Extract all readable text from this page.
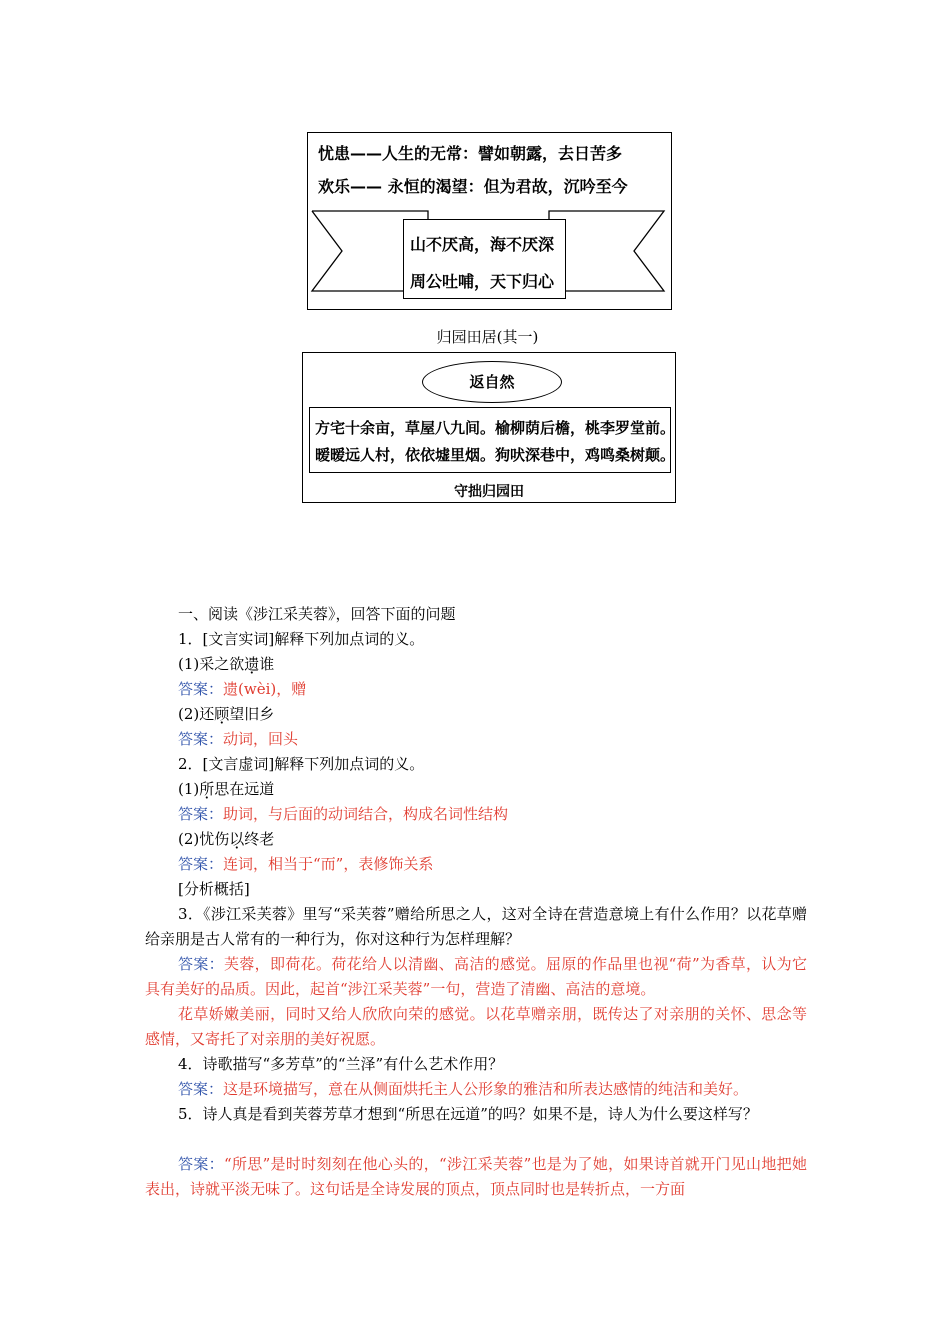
忧患——人生的无常：譬如朝露，去日苦多
欢乐—— 永恒的渴望：但为君故，沉吟至今
山不厌高，海不厌深
周公吐哺，天下归心
归园田居(其一)
返自然
方宅十余亩，草屋八九间。榆柳荫后檐，桃李罗堂前。
暧暧远人村，依依墟里烟。狗吠深巷中，鸡鸣桑树颠。
守拙归园田
一、阅读《涉江采芙蓉》，回答下面的问题
1．[文言实词]解释下列加点词的义。
(1)采之欲遗谁
答案：遗(wèi)，赠
(2)还顾望旧乡
答案：动词，回头
2．[文言虚词]解释下列加点词的义。
(1)所思在远道
答案：助词，与后面的动词结合，构成名词性结构
(2)忧伤以终老
答案：连词，相当于“而”，表修饰关系
[分析概括]
3．《涉江采芙蓉》里写“采芙蓉”赠给所思之人，这对全诗在营造意境上有什么作用？以花草赠给亲朋是古人常有的一种行为，你对这种行为怎样理解？
答案：芙蓉，即荷花。荷花给人以清幽、高洁的感觉。屈原的作品里也视“荷”为香草，认为它具有美好的品质。因此，起首“涉江采芙蓉”一句，营造了清幽、高洁的意境。
花草娇嫩美丽，同时又给人欣欣向荣的感觉。以花草赠亲朋，既传达了对亲朋的关怀、思念等感情，又寄托了对亲朋的美好祝愿。
4．诗歌描写“多芳草”的“兰泽”有什么艺术作用？
答案：这是环境描写，意在从侧面烘托主人公形象的雅洁和所表达感情的纯洁和美好。
5．诗人真是看到芙蓉芳草才想到“所思在远道”的吗？如果不是，诗人为什么要这样写？
答案：“所思”是时时刻刻在他心头的，“涉江采芙蓉”也是为了她，如果诗首就开门见山地把她表出，诗就平淡无味了。这句话是全诗发展的顶点，顶点同时也是转折点，一方面
